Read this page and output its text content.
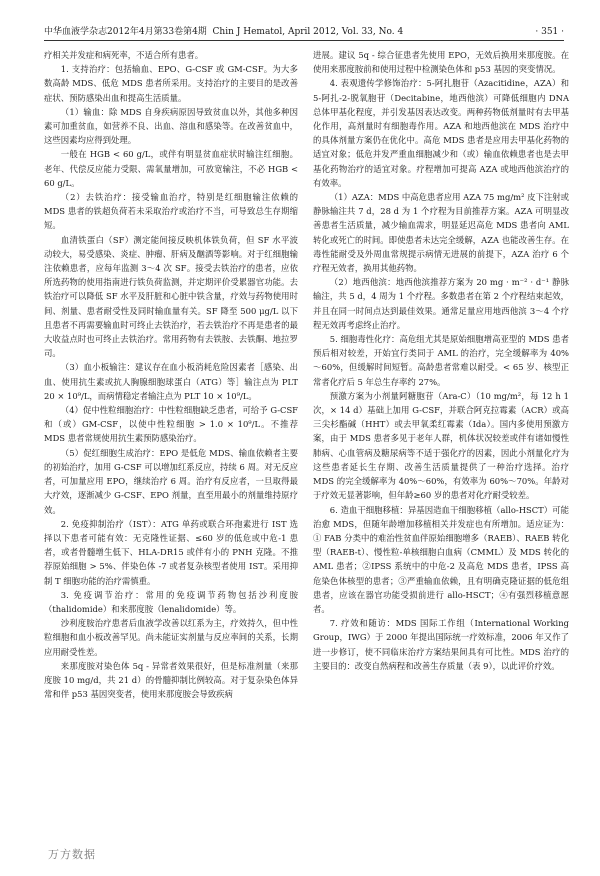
中华血液学杂志2012年4月第33卷第4期 Chin J Hematol, April 2012, Vol. 33, No. 4	· 351 ·

疗相关并发症和病死率，不适合所有患者。

1. 支持治疗：包括输血、EPO、G-CSF 或 GM-CSF。为大多数高龄 MDS、低危 MDS 患者所采用。支持治疗的主要目的是改善症状、预防感染出血和提高生活质量。

（1）输血：除 MDS 自身疾病原因导致贫血以外，其他多种因素可加重贫血，如营养不良、出血、溶血和感染等。在改善贫血中，这些因素均应得到处理。

一般在 HGB < 60 g/L，或伴有明显贫血症状时输注红细胞。老年、代偿反应能力受限、需氧量增加，可放宽输注，不必 HGB < 60 g/L。

（2）去铁治疗：接受输血治疗，特别是红细胞输注依赖的 MDS 患者的铁超负荷若未采取治疗或治疗不当，可导致总生存期缩短。

血清铁蛋白（SF）测定能间接反映机体铁负荷，但 SF 水平波动较大，易受感染、炎症、肿瘤、肝病及酗酒等影响。对于红细胞输注依赖患者，应每年监测 3～4 次 SF。接受去铁治疗的患者，应依所选药物的使用指南进行铁负荷监测，并定期评价受累器官功能。去铁治疗可以降低 SF 水平及肝脏和心脏中铁含量，疗效与药物使用时间、剂量、患者耐受性及同时输血量有关。SF 降至 500 μg/L 以下且患者不再需要输血时可终止去铁治疗，若去铁治疗不再是患者的最大收益点时也可终止去铁治疗。常用药物有去铁胺、去铁酮、地拉罗司。

（3）血小板输注：建议存在血小板消耗危险因素者［感染、出血、使用抗生素或抗人胸腺细胞球蛋白（ATG）等］输注点为 PLT 20 × 10⁹/L，而病情稳定者输注点为 PLT 10 × 10⁹/L。

（4）促中性粒细胞治疗：中性粒细胞缺乏患者，可给予 G-CSF 和（或）GM-CSF，以使中性粒细胞 > 1.0 × 10⁹/L。不推荐 MDS 患者常规使用抗生素预防感染治疗。

（5）促红细胞生成治疗：EPO 是低危 MDS、输血依赖者主要的初始治疗，加用 G-CSF 可以增加红系反应，持续 6 周。对无反应者，可加量应用 EPO，继续治疗 6 周。治疗有反应者，一旦取得最大疗效，逐渐减少 G-CSF、EPO 剂量，直至用最小的剂量维持原疗效。

2. 免疫抑制治疗（IST）：ATG 单药或联合环孢素进行 IST 选择以下患者可能有效：无克隆性证据、≤60 岁的低危或中危-1 患者，或者骨髓增生低下、HLA-DR15 或伴有小的 PNH 克隆。不推荐原始细胞 > 5%、伴染色体 -7 或者复杂核型者使用 IST。采用抑制 T 细胞功能的治疗需慎重。

3. 免疫调节治疗：常用的免疫调节药物包括沙利度胺（thalidomide）和来那度胺（lenalidomide）等。

沙利度胺治疗患者后血液学改善以红系为主，疗效持久，但中性粒细胞和血小板改善罕见。尚未能证实剂量与反应率间的关系，长期应用耐受性差。

来那度胺对染色体 5q - 异常者效果很好，但是标准剂量（来那度胺 10 mg/d，共 21 d）的骨髓抑制比例较高。对于复杂染色体异常和伴 p53 基因突变者，使用来那度胺会导致疾病

进展。建议 5q - 综合征患者先使用 EPO，无效后换用来那度胺。在使用来那度胺前和使用过程中检测染色体和 p53 基因的突变情况。

4. 表观遗传学修饰治疗：5-阿扎胞苷（Azacitidine，AZA）和 5-阿扎-2-脱氧胞苷（Decitabine，地西他滨）可降低细胞内 DNA 总体甲基化程度，并引发基因表达改变。两种药物低剂量时有去甲基化作用，高剂量时有细胞毒作用。AZA 和地西他滨在 MDS 治疗中的具体剂量方案仍在优化中。高危 MDS 患者是应用去甲基化药物的适宜对象；低危并发严重血细胞减少和（或）输血依赖患者也是去甲基化药物治疗的适宜对象。疗程增加可提高 AZA 或地西他滨治疗的有效率。

（1）AZA：MDS 中高危患者应用 AZA 75 mg/m² 皮下注射或静脉输注共 7 d，28 d 为 1 个疗程为目前推荐方案。AZA 可明显改善患者生活质量，减少输血需求，明显延迟高危 MDS 患者向 AML 转化或死亡的时间。即使患者未达完全缓解，AZA 也能改善生存。在毒性能耐受及外周血常规提示病情无进展的前提下，AZA 治疗 6 个疗程无效者，换用其他药物。

（2）地西他滨：地西他滨推荐方案为 20 mg · m⁻² · d⁻¹ 静脉输注，共 5 d，4 周为 1 个疗程。多数患者在第 2 个疗程结束起效，并且在同一时间点达到最佳效果。通常足量应用地西他滨 3～4 个疗程无效再考虑终止治疗。

5. 细胞毒性化疗：高危组尤其是原始细胞增高亚型的 MDS 患者预后相对较差，开始宜行类同于 AML 的治疗，完全缓解率为 40%～60%，但缓解时间短暂。高龄患者常难以耐受。< 65 岁、核型正常者化疗后 5 年总生存率约 27%。

预激方案为小剂量阿糖胞苷（Ara-C）（10 mg/m²，每 12 h 1 次，× 14 d）基础上加用 G-CSF，并联合阿克拉霉素（ACR）或高三尖杉酯碱（HHT）或去甲氧柔红霉素（Ida）。国内多使用预激方案，由于 MDS 患者多见于老年人群，机体状况较差或伴有诸如慢性肺病、心血管病及糖尿病等不适于强化疗的因素，因此小剂量化疗为这些患者延长生存期、改善生活质量提供了一种治疗选择。治疗 MDS 的完全缓解率为 40%～60%，有效率为 60%～70%。年龄对于疗效无显著影响，但年龄≥60 岁的患者对化疗耐受较差。

6. 造血干细胞移植：异基因造血干细胞移植（allo-HSCT）可能治愈 MDS，但随年龄增加移植相关并发症也有所增加。适应证为：① FAB 分类中的难治性贫血伴原始细胞增多（RAEB）、RAEB 转化型（RAEB-t）、慢性粒-单核细胞白血病（CMML）及 MDS 转化的 AML 患者；②IPSS 系统中的中危-2 及高危 MDS 患者，IPSS 高危染色体核型的患者；③严重输血依赖，且有明确克隆证据的低危组患者，应该在器官功能受损前进行 allo-HSCT；④有强烈移植意愿者。

7. 疗效和随访：MDS 国际工作组（International Working Group，IWG）于 2000 年提出国际统一疗效标准，2006 年又作了进一步修订，使不同临床治疗方案结果间具有可比性。MDS 治疗的主要目的：改变自然病程和改善生存质量（表 9），以此评价疗效。

万方数据
